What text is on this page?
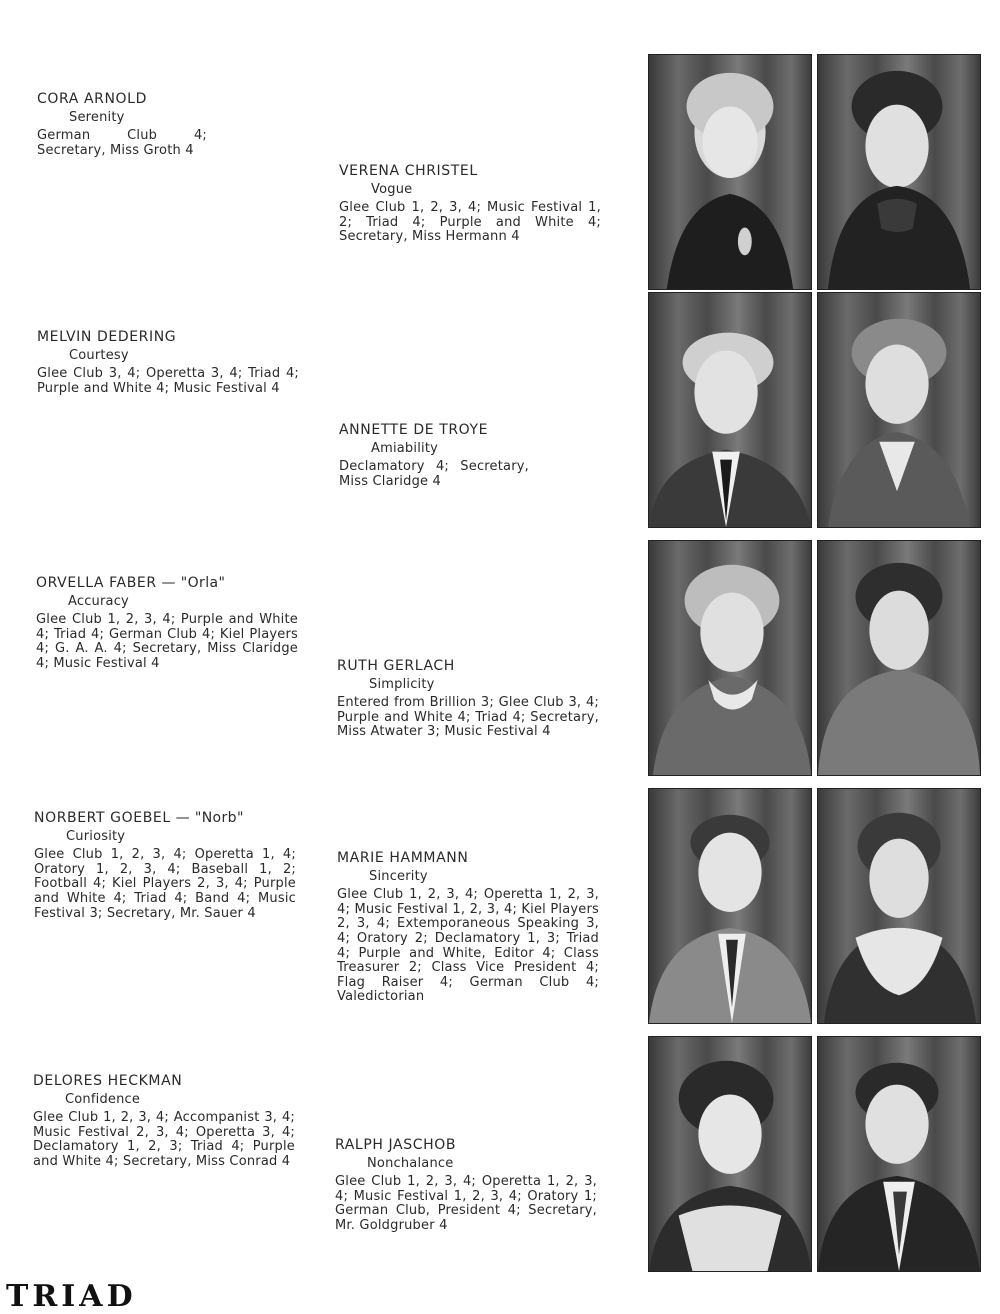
CORA ARNOLD
Serenity
German Club 4; Secretary, Miss Groth 4
VERENA CHRISTEL
Vogue
Glee Club 1, 2, 3, 4; Music Festival 1, 2; Triad 4; Purple and White 4; Secretary, Miss Hermann 4
MELVIN DEDERING
Courtesy
Glee Club 3, 4; Operetta 3, 4; Triad 4; Purple and White 4; Music Festival 4
ANNETTE DE TROYE
Amiability
Declamatory 4; Secretary, Miss Claridge 4
ORVELLA FABER — "Orla"
Accuracy
Glee Club 1, 2, 3, 4; Purple and White 4; Triad 4; German Club 4; Kiel Players 4; G. A. A. 4; Secretary, Miss Claridge 4; Music Festival 4	RUTH GERLACH
Simplicity
Entered from Brillion 3; Glee Club 3, 4; Purple and White 4; Triad 4; Secretary, Miss Atwater 3; Music Festival 4
NORBERT GOEBEL — "Norb"
Curiosity
Glee Club 1, 2, 3, 4; Operetta 1, 4; Oratory 1, 2, 3, 4; Baseball 1, 2; Football 4; Kiel Players 2, 3, 4; Purple and White 4; Triad 4; Band 4; Music Festival 3; Secretary, Mr. Sauer 4
MARIE HAMMANN
Sincerity
Glee Club 1, 2, 3, 4; Operetta 1, 2, 3, 4; Music Festival 1, 2, 3, 4; Kiel Players 2, 3, 4; Extemporaneous Speaking 3, 4; Oratory 2; Declamatory 1, 3; Triad 4; Purple and White, Editor 4; Class Treasurer 2; Class Vice President 4; Flag Raiser 4; German Club 4; Valedictorian
DELORES HECKMAN
Confidence
Glee Club 1, 2, 3, 4; Accompanist 3, 4; Music Festival 2, 3, 4; Operetta 3, 4; Declamatory 1, 2, 3; Triad 4; Purple and White 4; Secretary, Miss Conrad 4
RALPH JASCHOB
Nonchalance
Glee Club 1, 2, 3, 4; Operetta 1, 2, 3, 4; Music Festival 1, 2, 3, 4; Oratory 1; German Club, President 4; Secretary, Mr. Goldgruber 4
TRIAD
